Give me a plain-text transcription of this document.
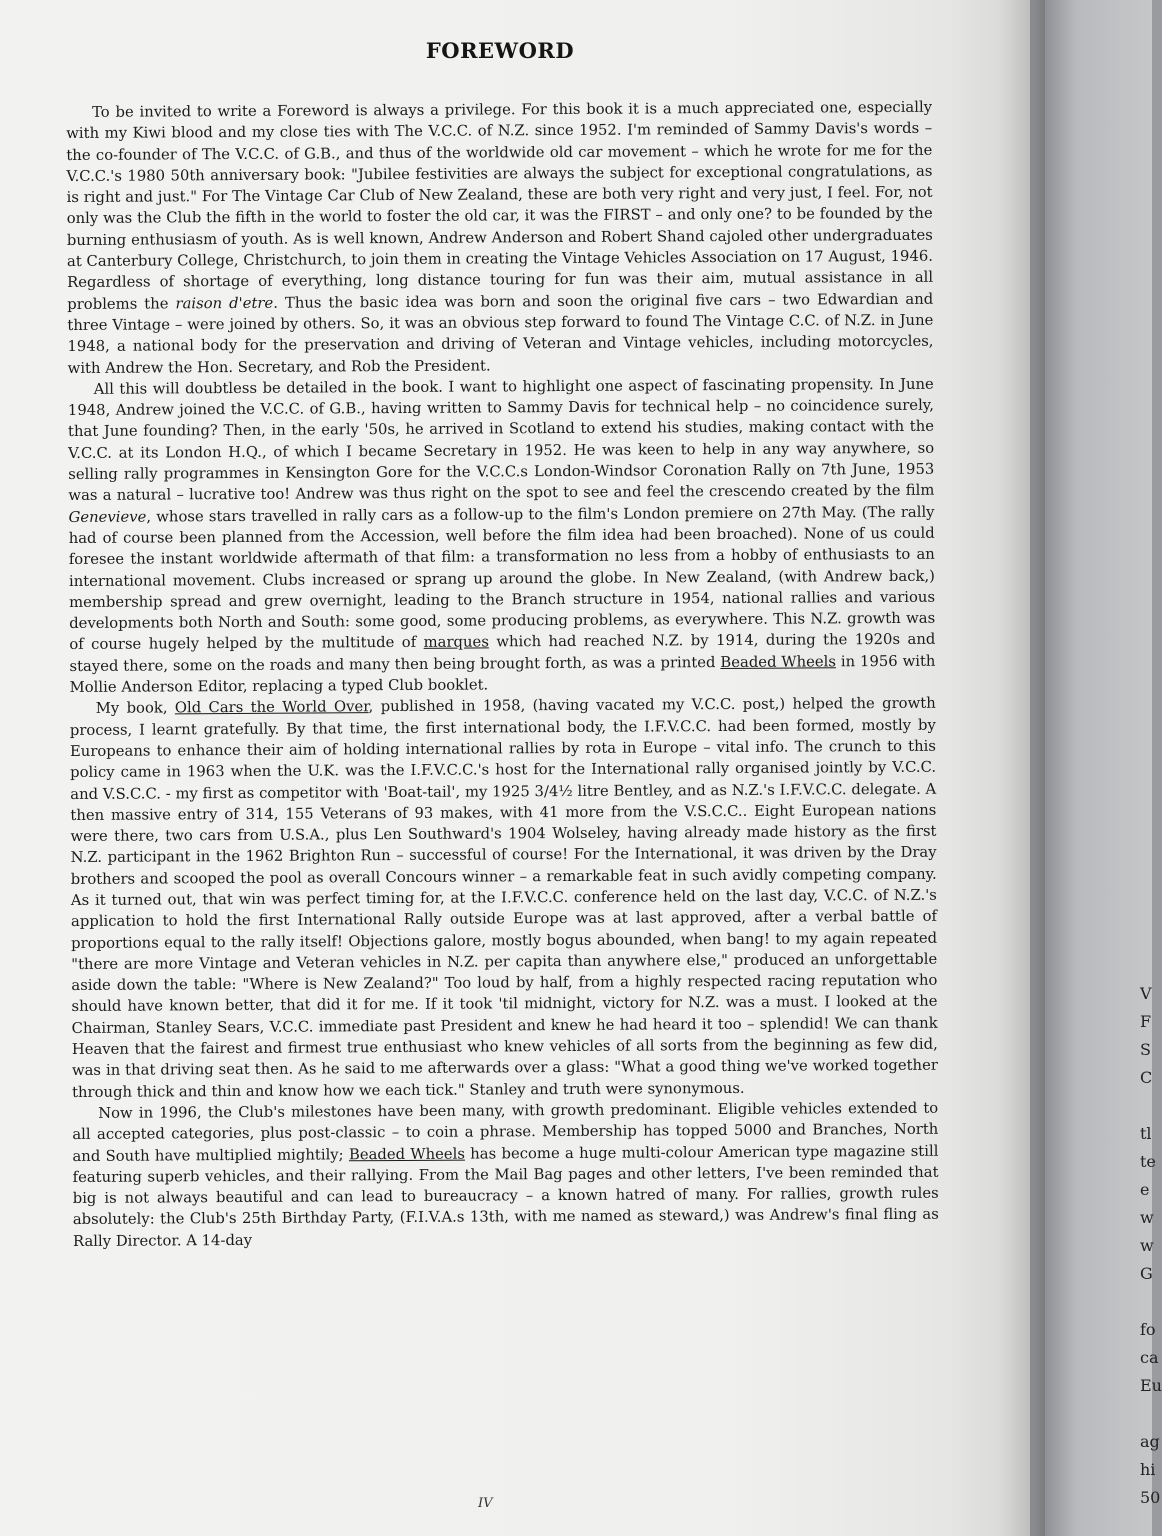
FOREWORD

To be invited to write a Foreword is always a privilege. For this book it is a much appreciated one, especially with my Kiwi blood and my close ties with The V.C.C. of N.Z. since 1952. I'm reminded of Sammy Davis's words – the co-founder of The V.C.C. of G.B., and thus of the worldwide old car movement – which he wrote for me for the V.C.C.'s 1980 50th anniversary book: "Jubilee festivities are always the subject for exceptional congratulations, as is right and just." For The Vintage Car Club of New Zealand, these are both very right and very just, I feel. For, not only was the Club the fifth in the world to foster the old car, it was the FIRST – and only one? to be founded by the burning enthusiasm of youth. As is well known, Andrew Anderson and Robert Shand cajoled other undergraduates at Canterbury College, Christchurch, to join them in creating the Vintage Vehicles Association on 17 August, 1946. Regardless of shortage of everything, long distance touring for fun was their aim, mutual assistance in all problems the raison d'etre. Thus the basic idea was born and soon the original five cars – two Edwardian and three Vintage – were joined by others. So, it was an obvious step forward to found The Vintage C.C. of N.Z. in June 1948, a national body for the preservation and driving of Veteran and Vintage vehicles, including motorcycles, with Andrew the Hon. Secretary, and Rob the President.

All this will doubtless be detailed in the book. I want to highlight one aspect of fascinating propensity. In June 1948, Andrew joined the V.C.C. of G.B., having written to Sammy Davis for technical help – no coincidence surely, that June founding? Then, in the early '50s, he arrived in Scotland to extend his studies, making contact with the V.C.C. at its London H.Q., of which I became Secretary in 1952. He was keen to help in any way anywhere, so selling rally programmes in Kensington Gore for the V.C.C.s London-Windsor Coronation Rally on 7th June, 1953 was a natural – lucrative too! Andrew was thus right on the spot to see and feel the crescendo created by the film Genevieve, whose stars travelled in rally cars as a follow-up to the film's London premiere on 27th May. (The rally had of course been planned from the Accession, well before the film idea had been broached). None of us could foresee the instant worldwide aftermath of that film: a transformation no less from a hobby of enthusiasts to an international movement. Clubs increased or sprang up around the globe. In New Zealand, (with Andrew back,) membership spread and grew overnight, leading to the Branch structure in 1954, national rallies and various developments both North and South: some good, some producing problems, as everywhere. This N.Z. growth was of course hugely helped by the multitude of marques which had reached N.Z. by 1914, during the 1920s and stayed there, some on the roads and many then being brought forth, as was a printed Beaded Wheels in 1956 with Mollie Anderson Editor, replacing a typed Club booklet.

My book, Old Cars the World Over, published in 1958, (having vacated my V.C.C. post,) helped the growth process, I learnt gratefully. By that time, the first international body, the I.F.V.C.C. had been formed, mostly by Europeans to enhance their aim of holding international rallies by rota in Europe – vital info. The crunch to this policy came in 1963 when the U.K. was the I.F.V.C.C.'s host for the International rally organised jointly by V.C.C. and V.S.C.C. - my first as competitor with 'Boat-tail', my 1925 3/4½ litre Bentley, and as N.Z.'s I.F.V.C.C. delegate. A then massive entry of 314, 155 Veterans of 93 makes, with 41 more from the V.S.C.C.. Eight European nations were there, two cars from U.S.A., plus Len Southward's 1904 Wolseley, having already made history as the first N.Z. participant in the 1962 Brighton Run – successful of course! For the International, it was driven by the Dray brothers and scooped the pool as overall Concours winner – a remarkable feat in such avidly competing company. As it turned out, that win was perfect timing for, at the I.F.V.C.C. conference held on the last day, V.C.C. of N.Z.'s application to hold the first International Rally outside Europe was at last approved, after a verbal battle of proportions equal to the rally itself! Objections galore, mostly bogus abounded, when bang! to my again repeated "there are more Vintage and Veteran vehicles in N.Z. per capita than anywhere else," produced an unforgettable aside down the table: "Where is New Zealand?" Too loud by half, from a highly respected racing reputation who should have known better, that did it for me. If it took 'til midnight, victory for N.Z. was a must. I looked at the Chairman, Stanley Sears, V.C.C. immediate past President and knew he had heard it too – splendid! We can thank Heaven that the fairest and firmest true enthusiast who knew vehicles of all sorts from the beginning as few did, was in that driving seat then. As he said to me afterwards over a glass: "What a good thing we've worked together through thick and thin and know how we each tick." Stanley and truth were synonymous.

Now in 1996, the Club's milestones have been many, with growth predominant. Eligible vehicles extended to all accepted categories, plus post-classic – to coin a phrase. Membership has topped 5000 and Branches, North and South have multiplied mightily; Beaded Wheels has become a huge multi-colour American type magazine still featuring superb vehicles, and their rallying. From the Mail Bag pages and other letters, I've been reminded that big is not always beautiful and can lead to bureaucracy – a known hatred of many. For rallies, growth rules absolutely: the Club's 25th Birthday Party, (F.I.V.A.s 13th, with me named as steward,) was Andrew's final fling as Rally Director. A 14-day

IV
V
F
S
C
tl
te
e
w
w
G
fo
ca
Eu
ag
hi
50
